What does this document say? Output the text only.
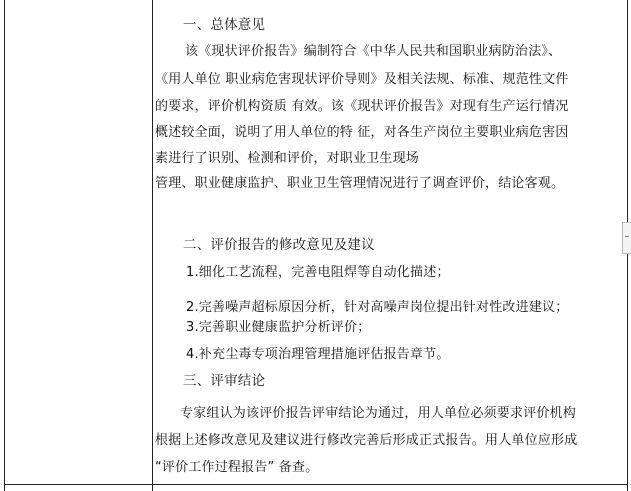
一、总体意见
该《现状评价报告》编制符合《中华人民共和国职业病防治法》、
《用人单位 职业病危害现状评价导则》及相关法规、标准、规范性文件
的要求，评价机构资质 有效。该《现状评价报告》对现有生产运行情况
概述较全面，说明了用人单位的特 征，对各生产岗位主要职业病危害因
素进行了识别、检测和评价，对职业卫生现场
管理、职业健康监护、职业卫生管理情况进行了调查评价，结论客观。
二、评价报告的修改意见及建议
1.细化工艺流程，完善电阻焊等自动化描述；
2.完善噪声超标原因分析，针对高噪声岗位提出针对性改进建议；
3.完善职业健康监护分析评价；
4.补充尘毒专项治理管理措施评估报告章节。
三、评审结论
专家组认为该评价报告评审结论为通过，用人单位必须要求评价机构
根据上述修改意见及建议进行修改完善后形成正式报告。用人单位应形成
“评价工作过程报告” 备查。
